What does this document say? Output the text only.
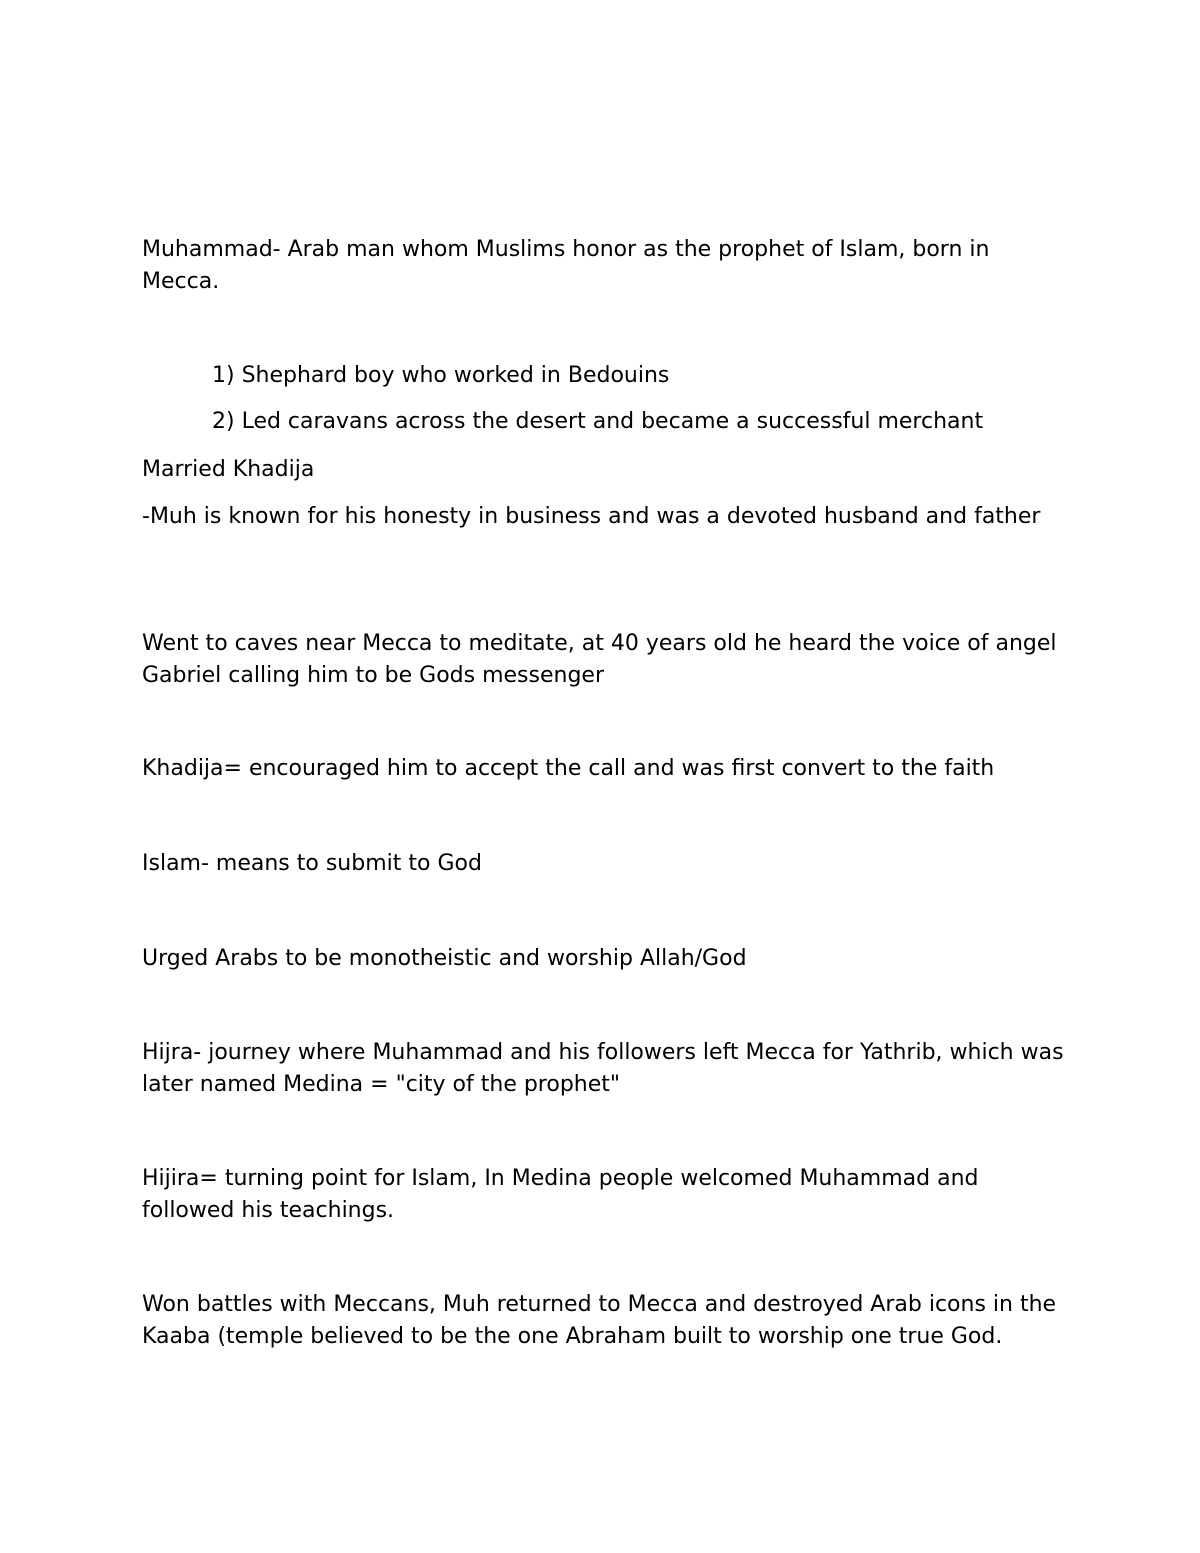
Muhammad- Arab man whom Muslims honor as the prophet of Islam, born in Mecca.

1) Shephard boy who worked in Bedouins

2) Led caravans across the desert and became a successful merchant

Married Khadija

-Muh is known for his honesty in business and was a devoted husband and father

Went to caves near Mecca to meditate, at 40 years old he heard the voice of angel Gabriel calling him to be Gods messenger

Khadija= encouraged him to accept the call and was first convert to the faith

Islam- means to submit to God

Urged Arabs to be monotheistic and worship Allah/God

Hijra- journey where Muhammad and his followers left Mecca for Yathrib, which was later named Medina = "city of the prophet"

Hijira= turning point for Islam, In Medina people welcomed Muhammad and followed his teachings.

Won battles with Meccans, Muh returned to Mecca and destroyed Arab icons in the Kaaba (temple believed to be the one Abraham built to worship one true God.
